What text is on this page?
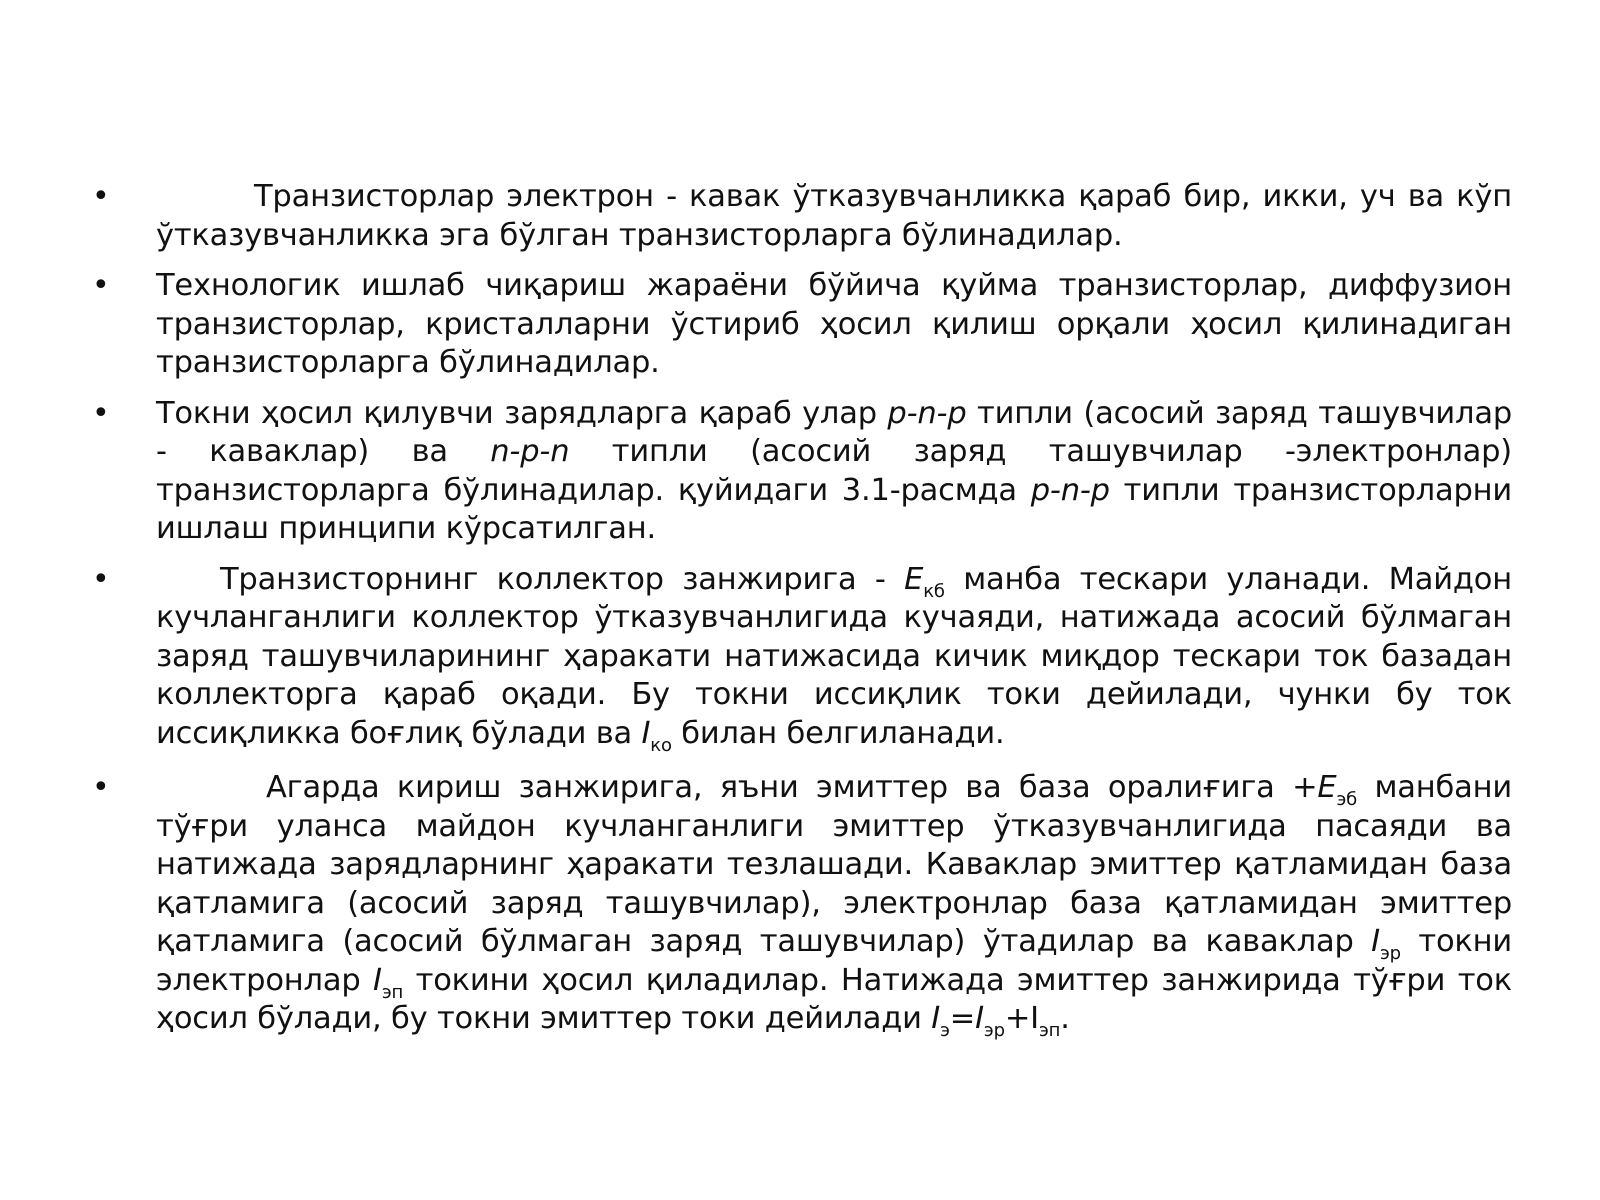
•	Транзисторлар электрон - кавак ўтказувчанликка қараб бир, икки, уч ва кўп ўтказувчанликка эга бўлган транзисторларга бўлинадилар.
• Технологик ишлаб чиқариш жараёни бўйича қуйма транзисторлар, диффузион транзисторлар, кристалларни ўстириб ҳосил қилиш орқали ҳосил қилинадиган транзисторларга бўлинадилар.
• Токни ҳосил қилувчи зарядларга қараб улар p-n-p типли (асосий заряд ташувчилар - каваклар) ва n-p-n типли (асосий заряд ташувчилар -электронлар) транзисторларга бўлинадилар. қуйидаги 3.1-расмда p-n-p типли транзисторларни ишлаш принципи кўрсатилган.
•	Транзисторнинг коллектор занжирига - $E_{кб}$ манба тескари уланади. Майдон кучланганлиги коллектор ўтказувчанлигида кучаяди, натижада асосий бўлмаган заряд ташувчиларининг ҳаракати натижасида кичик миқдор тескари ток базадан коллекторга қараб оқади. Бу токни иссиқлик токи дейилади, чунки бу ток иссиқликка боғлиқ бўлади ва $I_{ко}$ билан белгиланади.
•	Агарда кириш занжирига, яъни эмиттер ва база оралиғига $+E_{эб}$ манбани тўғри уланса майдон кучланганлиги эмиттер ўтказувчанлигида пасаяди ва натижада зарядларнинг ҳаракати тезлашади. Каваклар эмиттер қатламидан база қатламига (асосий заряд ташувчилар), электронлар база қатламидан эмиттер қатламига (асосий бўлмаган заряд ташувчилар) ўтадилар ва каваклар $I_{эр}$ токни электронлар $I_{эп}$ токини ҳосил қиладилар. Натижада эмиттер занжирида тўғри ток ҳосил бўлади, бу токни эмиттер токи дейилади $I_э=I_{эр}+I_{эп}$.
